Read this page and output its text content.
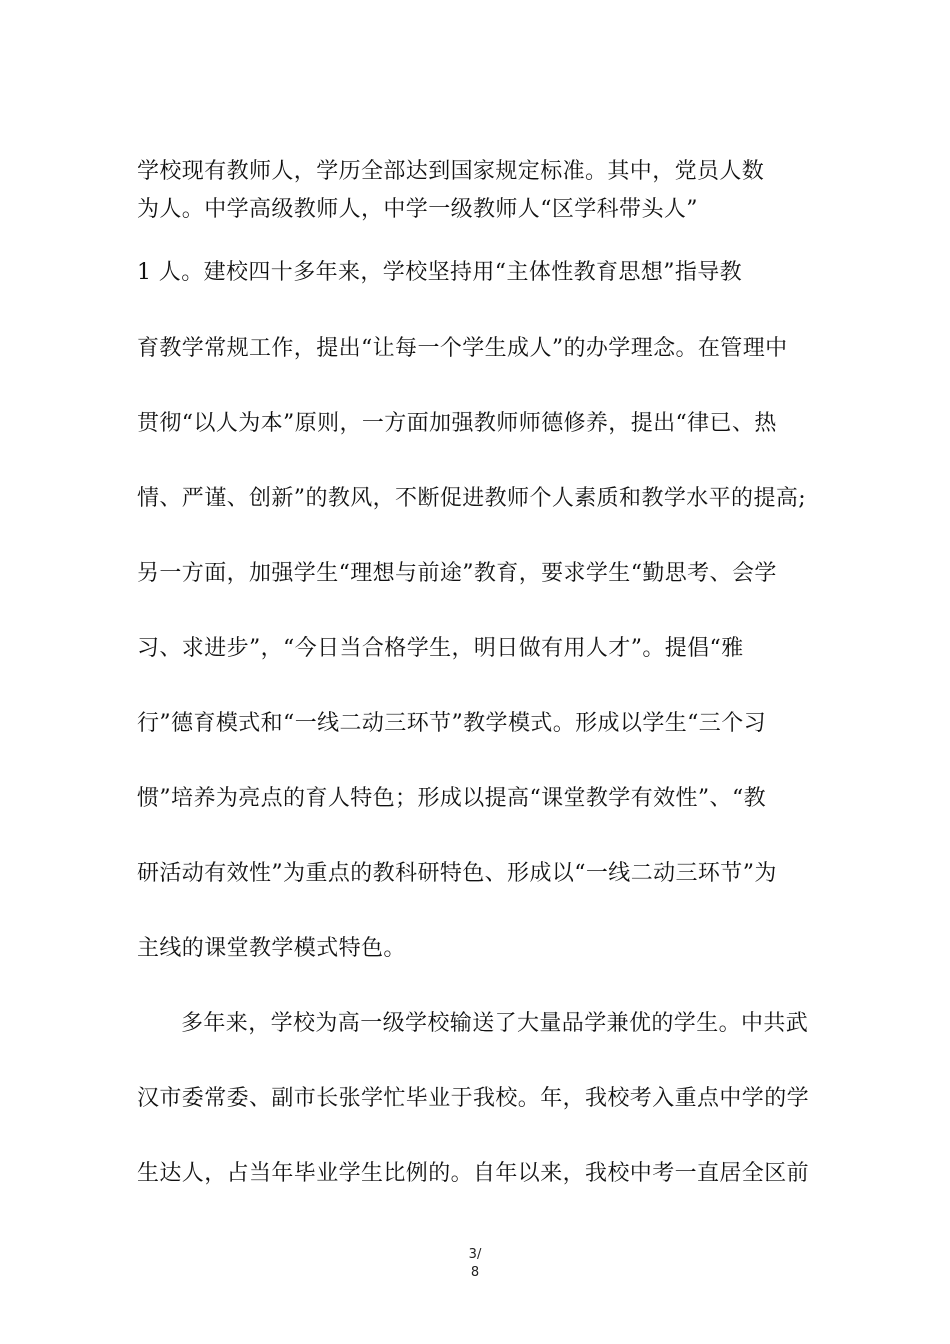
学校现有教师人，学历全部达到国家规定标准。其中，党员人数
为人。中学高级教师人，中学一级教师人“区学科带头人”
1 人。建校四十多年来，学校坚持用“主体性教育思想”指导教
育教学常规工作，提出“让每一个学生成人”的办学理念。在管理中
贯彻“以人为本”原则，一方面加强教师师德修养，提出“律已、热
情、严谨、创新”的教风，不断促进教师个人素质和教学水平的提高;
另一方面，加强学生“理想与前途”教育，要求学生“勤思考、会学
习、求进步”，“今日当合格学生，明日做有用人才”。提倡“雅
行”德育模式和“一线二动三环节”教学模式。形成以学生“三个习
惯”培养为亮点的育人特色；形成以提高“课堂教学有效性”、“教
研活动有效性”为重点的教科研特色、形成以“一线二动三环节”为
主线的课堂教学模式特色。
多年来，学校为高一级学校输送了大量品学兼优的学生。中共武
汉市委常委、副市长张学忙毕业于我校。年，我校考入重点中学的学
生达人，占当年毕业学生比例的。自年以来，我校中考一直居全区前
3/
8
